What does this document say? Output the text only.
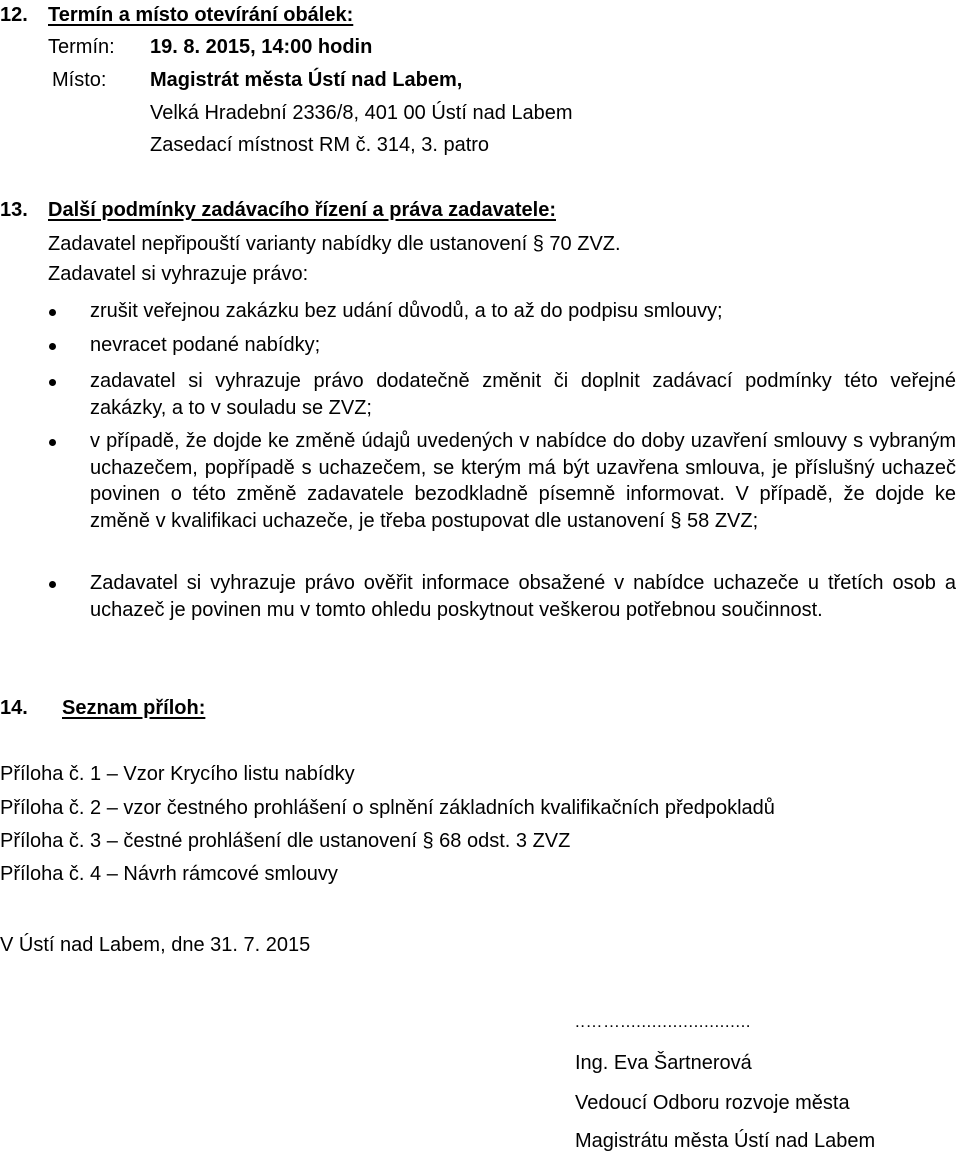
12. Termín a místo otevírání obálek:
Termín: 19. 8. 2015, 14:00 hodin
Místo: Magistrát města Ústí nad Labem,
Velká Hradební 2336/8, 401 00 Ústí nad Labem
Zasedací místnost RM č. 314, 3. patro
13. Další podmínky zadávacího řízení a práva zadavatele:
Zadavatel nepřipouští varianty nabídky dle ustanovení § 70 ZVZ.
Zadavatel si vyhrazuje právo:
zrušit veřejnou zakázku bez udání důvodů, a to až do podpisu smlouvy;
nevracet podané nabídky;
zadavatel si vyhrazuje právo dodatečně změnit či doplnit zadávací podmínky této veřejné zakázky, a to v souladu se ZVZ;
v případě, že dojde ke změně údajů uvedených v nabídce do doby uzavření smlouvy s vybraným uchazečem, popřípadě s uchazečem, se kterým má být uzavřena smlouva, je příslušný uchazeč povinen o této změně zadavatele bezodkladně písemně informovat. V případě, že dojde ke změně v kvalifikaci uchazeče, je třeba postupovat dle ustanovení § 58 ZVZ;
Zadavatel si vyhrazuje právo ověřit informace obsažené v nabídce uchazeče u třetích osob a uchazeč je povinen mu v tomto ohledu poskytnout veškerou potřebnou součinnost.
14. Seznam příloh:
Příloha č. 1 – Vzor Krycího listu nabídky
Příloha č. 2 – vzor čestného prohlášení o splnění základních kvalifikačních předpokladů
Příloha č. 3 – čestné prohlášení dle ustanovení § 68 odst. 3 ZVZ
Příloha č. 4 – Návrh rámcové smlouvy
V Ústí nad Labem, dne 31. 7. 2015
..…….........................
Ing. Eva Šartnerová
Vedoucí Odboru rozvoje města
Magistrátu města Ústí nad Labem
